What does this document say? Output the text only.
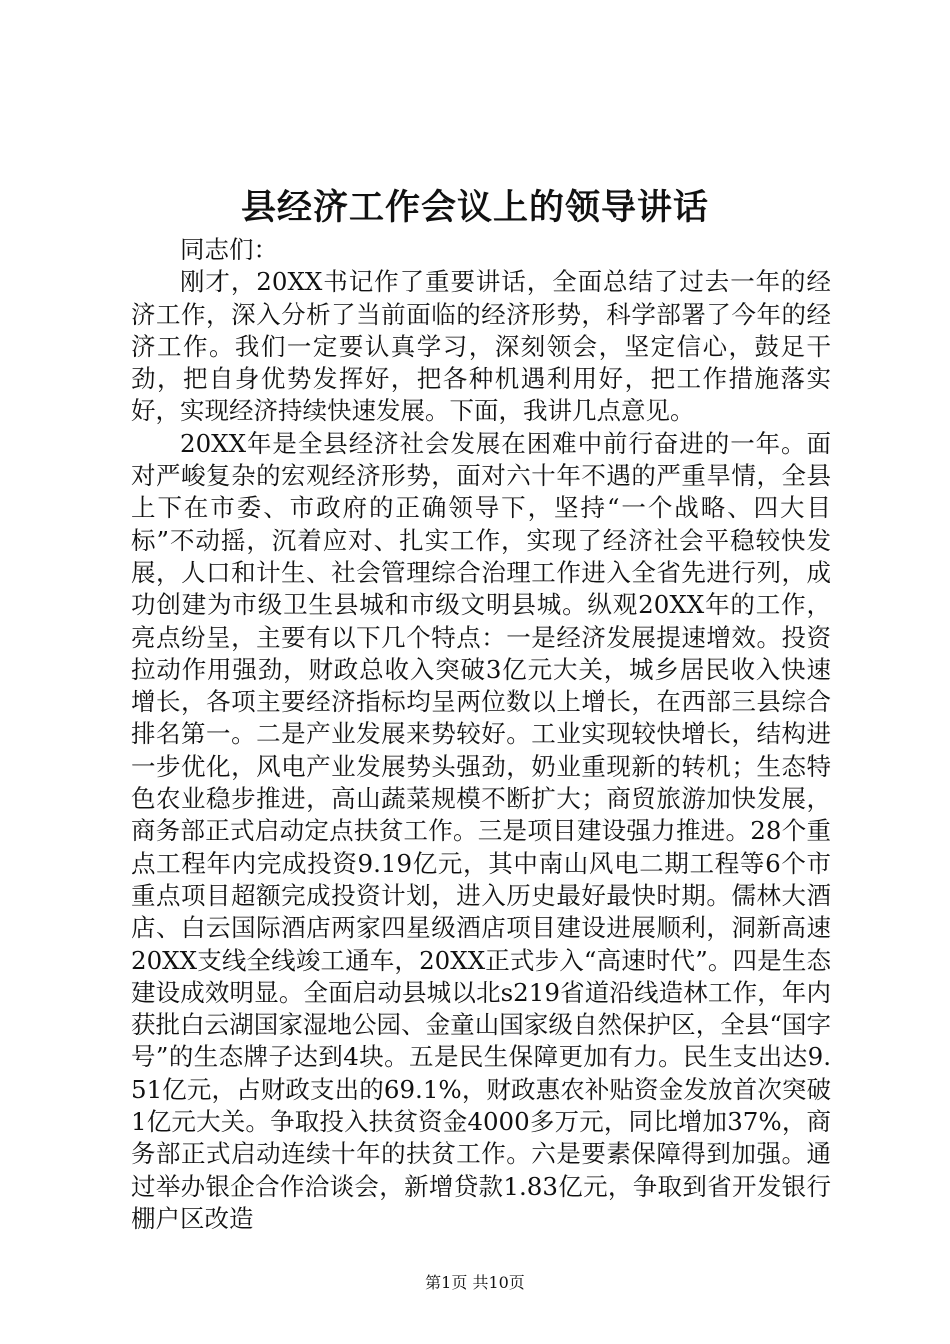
县经济工作会议上的领导讲话

同志们：

刚才，20XX书记作了重要讲话，全面总结了过去一年的经济工作，深入分析了当前面临的经济形势，科学部署了今年的经济工作。我们一定要认真学习，深刻领会，坚定信心，鼓足干劲，把自身优势发挥好，把各种机遇利用好，把工作措施落实好，实现经济持续快速发展。下面，我讲几点意见。

20XX年是全县经济社会发展在困难中前行奋进的一年。面对严峻复杂的宏观经济形势，面对六十年不遇的严重旱情，全县上下在市委、市政府的正确领导下，坚持“一个战略、四大目标”不动摇，沉着应对、扎实工作，实现了经济社会平稳较快发展，人口和计生、社会管理综合治理工作进入全省先进行列，成功创建为市级卫生县城和市级文明县城。纵观20XX年的工作，亮点纷呈，主要有以下几个特点：一是经济发展提速增效。投资拉动作用强劲，财政总收入突破3亿元大关，城乡居民收入快速增长，各项主要经济指标均呈两位数以上增长，在西部三县综合排名第一。二是产业发展来势较好。工业实现较快增长，结构进一步优化，风电产业发展势头强劲，奶业重现新的转机；生态特色农业稳步推进，高山蔬菜规模不断扩大；商贸旅游加快发展，商务部正式启动定点扶贫工作。三是项目建设强力推进。28个重点工程年内完成投资9.19亿元，其中南山风电二期工程等6个市重点项目超额完成投资计划，进入历史最好最快时期。儒林大酒店、白云国际酒店两家四星级酒店项目建设进展顺利，洞新高速20XX支线全线竣工通车，20XX正式步入“高速时代”。四是生态建设成效明显。全面启动县城以北s219省道沿线造林工作，年内获批白云湖国家湿地公园、金童山国家级自然保护区，全县“国字号”的生态牌子达到4块。五是民生保障更加有力。民生支出达9.51亿元，占财政支出的69.1%，财政惠农补贴资金发放首次突破1亿元大关。争取投入扶贫资金4000多万元，同比增加37%，商务部正式启动连续十年的扶贫工作。六是要素保障得到加强。通过举办银企合作洽谈会，新增贷款1.83亿元，争取到省开发银行棚户区改造

第1页 共10页
